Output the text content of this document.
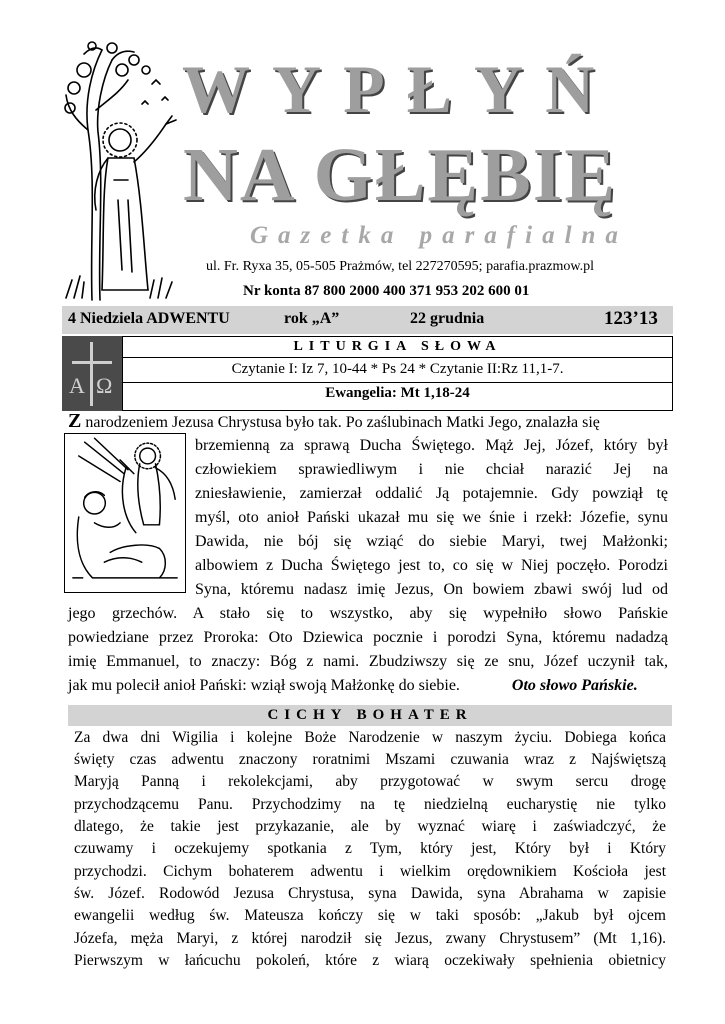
WYPŁYŃ
NA GŁĘBIĘ
Gazetka parafialna
ul. Fr. Ryxa 35, 05-505 Prażmów, tel 227270595; parafia.prazmow.pl
Nr konta 87 800 2000 400 371 953 202 600 01
4 Niedziela ADWENTU	rok „A”	22 grudnia	123’13
A Ω
LITURGIA SŁOWA
Czytanie I: Iz 7, 10-44 * Ps 24 * Czytanie II:Rz 11,1-7.
Ewangelia: Mt 1,18-24
Z narodzeniem Jezusa Chrystusa było tak. Po zaślubinach Matki Jego, znalazła się
brzemienną za sprawą Ducha Świętego. Mąż Jej, Józef, który był
człowiekiem sprawiedliwym i nie chciał narazić Jej na
zniesławienie, zamierzał oddalić Ją potajemnie. Gdy powziął tę
myśl, oto anioł Pański ukazał mu się we śnie i rzekł: Józefie, synu
Dawida, nie bój się wziąć do siebie Maryi, twej Małżonki;
albowiem z Ducha Świętego jest to, co się w Niej poczęło. Porodzi
Syna, któremu nadasz imię Jezus, On bowiem zbawi swój lud od
jego grzechów. A stało się to wszystko, aby się wypełniło słowo Pańskie
powiedziane przez Proroka: Oto Dziewica pocznie i porodzi Syna, któremu nadadzą
imię Emmanuel, to znaczy: Bóg z nami. Zbudziwszy się ze snu, Józef uczynił tak,
jak mu polecił anioł Pański: wziął swoją Małżonkę do siebie.	Oto słowo Pańskie.
CICHY BOHATER
Za dwa dni Wigilia i kolejne Boże Narodzenie w naszym życiu. Dobiega końca
święty czas adwentu znaczony roratnimi Mszami czuwania wraz z Najświętszą
Maryją Panną i rekolekcjami, aby przygotować w swym sercu drogę
przychodzącemu Panu. Przychodzimy na tę niedzielną eucharystię nie tylko
dlatego, że takie jest przykazanie, ale by wyznać wiarę i zaświadczyć, że
czuwamy i oczekujemy spotkania z Tym, który jest, Który był i Który
przychodzi. Cichym bohaterem adwentu i wielkim orędownikiem Kościoła jest
św. Józef. Rodowód Jezusa Chrystusa, syna Dawida, syna Abrahama w zapisie
ewangelii według św. Mateusza kończy się w taki sposób: „Jakub był ojcem
Józefa, męża Maryi, z której narodził się Jezus, zwany Chrystusem” (Mt 1,16).
Pierwszym w łańcuchu pokoleń, które z wiarą oczekiwały spełnienia obietnicy
